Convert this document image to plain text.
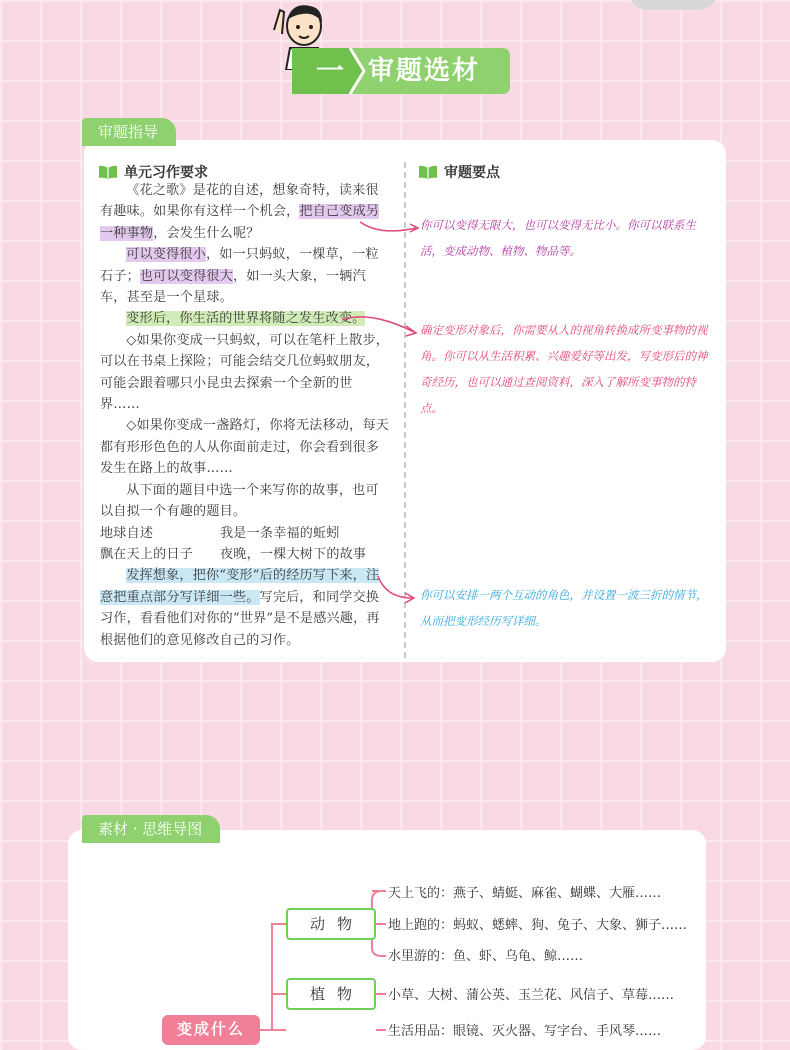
一 审题选材
审题指导
单元习作要求	审题要点

《花之歌》是花的自述，想象奇特，读来很有趣味。如果你有这样一个机会，把自己变成另一种事物，会发生什么呢？

可以变得很小，如一只蚂蚁，一棵草，一粒石子；也可以变得很大，如一头大象，一辆汽车，甚至是一个星球。

变形后，你生活的世界将随之发生改变。

◇如果你变成一只蚂蚁，可以在笔杆上散步，可以在书桌上探险；可能会结交几位蚂蚁朋友，可能会跟着哪只小昆虫去探索一个全新的世界……

◇如果你变成一盏路灯，你将无法移动，每天都有形形色色的人从你面前走过，你会看到很多发生在路上的故事……

从下面的题目中选一个来写你的故事，也可以自拟一个有趣的题目。

地球自述	我是一条幸福的蚯蚓

飘在天上的日子	夜晚，一棵大树下的故事

发挥想象，把你“变形”后的经历写下来，注意把重点部分写详细一些。写完后，和同学交换习作，看看他们对你的“世界”是不是感兴趣，再根据他们的意见修改自己的习作。

你可以变得无限大，也可以变得无比小。你可以联系生活，变成动物、植物、物品等。
确定变形对象后，你需要从人的视角转换成所变事物的视角。你可以从生活积累、兴趣爱好等出发，写变形后的神奇经历，也可以通过查阅资料，深入了解所变事物的特点。
你可以安排一两个互动的角色，并设置一波三折的情节，从而把变形经历写详细。
素材 · 思维导图
动物
植物
变成什么
天上飞的：燕子、蜻蜓、麻雀、蝴蝶、大雁……
地上跑的：蚂蚁、蟋蟀、狗、兔子、大象、狮子……
水里游的：鱼、虾、乌龟、鲸……
小草、大树、蒲公英、玉兰花、风信子、草莓……
生活用品：眼镜、灭火器、写字台、手风琴……
